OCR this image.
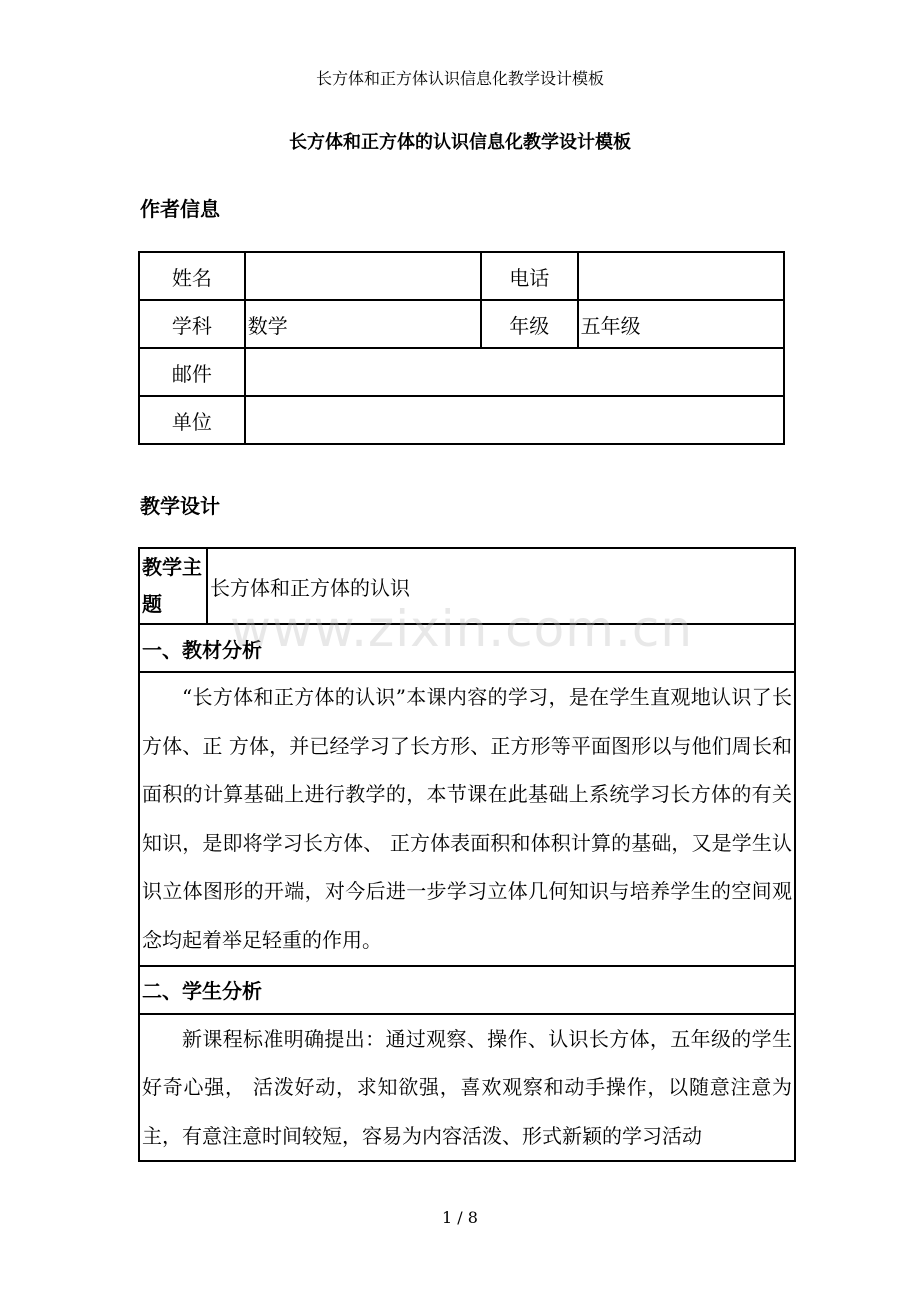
长方体和正方体认识信息化教学设计模板
长方体和正方体的认识信息化教学设计模板
作者信息
姓名		电话	
学科	数学	年级	五年级
邮件			
单位			
教学设计
教学主题	长方体和正方体的认识
一、教材分析
“长方体和正方体的认识”本课内容的学习，是在学生直观地认识了长方体、正 方体，并已经学习了长方形、正方形等平面图形以与他们周长和面积的计算基础上进行教学的，本节课在此基础上系统学习长方体的有关知识，是即将学习长方体、 正方体表面积和体积计算的基础，又是学生认识立体图形的开端，对今后进一步学习立体几何知识与培养学生的空间观念均起着举足轻重的作用。
二、学生分析
新课程标准明确提出：通过观察、操作、认识长方体，五年级的学生好奇心强， 活泼好动，求知欲强，喜欢观察和动手操作，以随意注意为主，有意注意时间较短，容易为内容活泼、形式新颖的学习活动
www.zixin.com.cn
1 / 8
